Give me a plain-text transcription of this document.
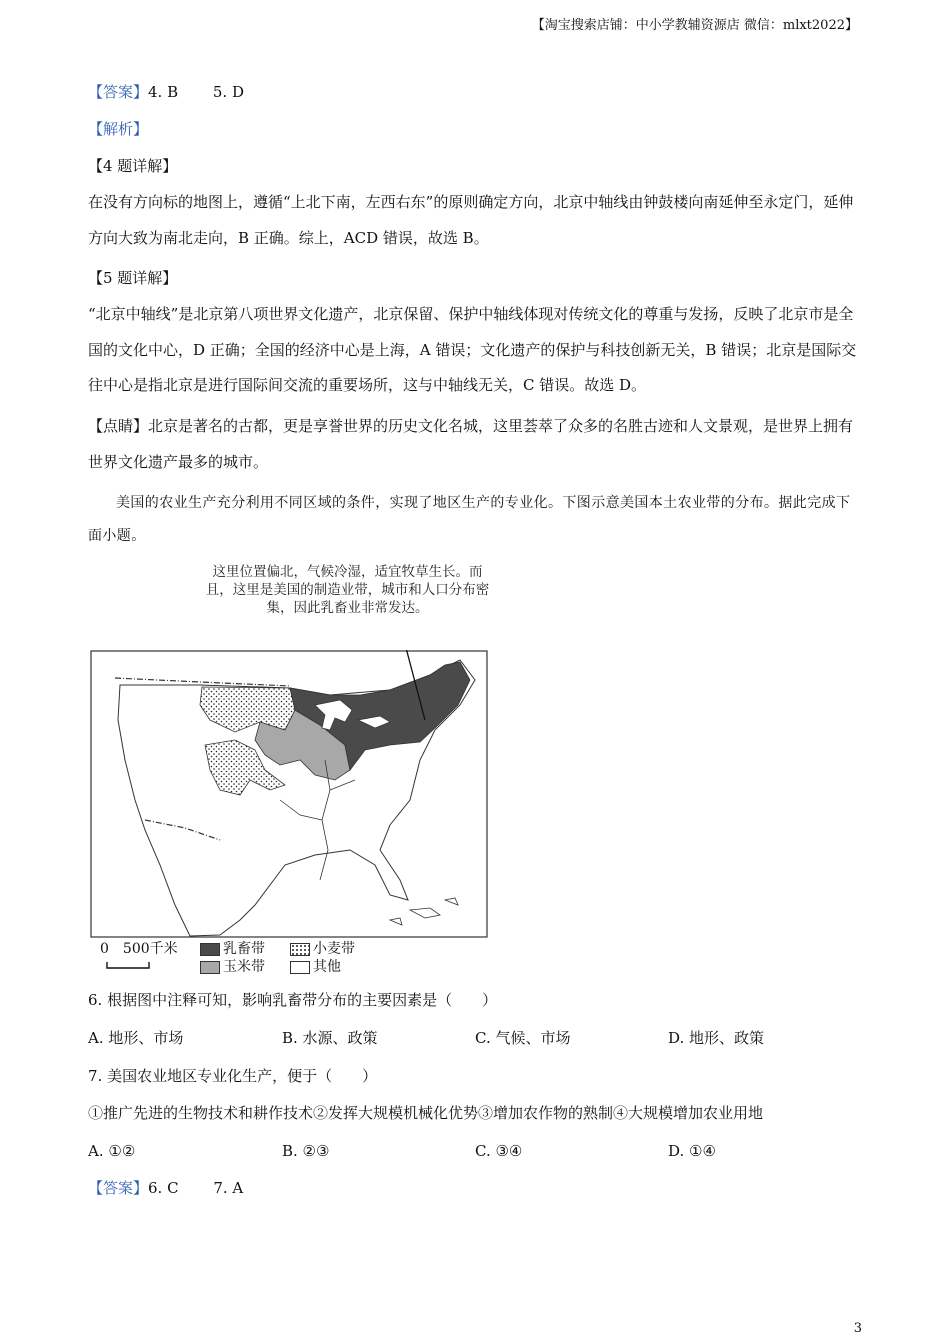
【淘宝搜索店铺：中小学教辅资源店 微信：mlxt2022】
【答案】4. B　　 5. D
【解析】
【4 题详解】
在没有方向标的地图上，遵循“上北下南，左西右东”的原则确定方向，北京中轴线由钟鼓楼向南延伸至永定门，延伸方向大致为南北走向，B 正确。综上，ACD 错误，故选 B。
【5 题详解】
“北京中轴线”是北京第八项世界文化遗产，北京保留、保护中轴线体现对传统文化的尊重与发扬，反映了北京市是全国的文化中心，D 正确；全国的经济中心是上海，A 错误；文化遗产的保护与科技创新无关，B 错误；北京是国际交往中心是指北京是进行国际间交流的重要场所，这与中轴线无关，C 错误。故选 D。
【点睛】北京是著名的古都，更是享誉世界的历史文化名城，这里荟萃了众多的名胜古迹和人文景观，是世界上拥有世界文化遗产最多的城市。
美国的农业生产充分利用不同区域的条件，实现了地区生产的专业化。下图示意美国本土农业带的分布。据此完成下面小题。
这里位置偏北，气候冷湿，适宜牧草生长。而且，这里是美国的制造业带，城市和人口分布密集，因此乳畜业非常发达。
0　500千米	乳畜带	小麦带
玉米带	其他
6. 根据图中注释可知，影响乳畜带分布的主要因素是（　　）
A. 地形、市场	B. 水源、政策	C. 气候、市场	D. 地形、政策
7. 美国农业地区专业化生产，便于（　　）
①推广先进的生物技术和耕作技术②发挥大规模机械化优势③增加农作物的熟制④大规模增加农业用地
A. ①②	B. ②③	C. ③④	D. ①④
【答案】6. C　　 7. A
3
